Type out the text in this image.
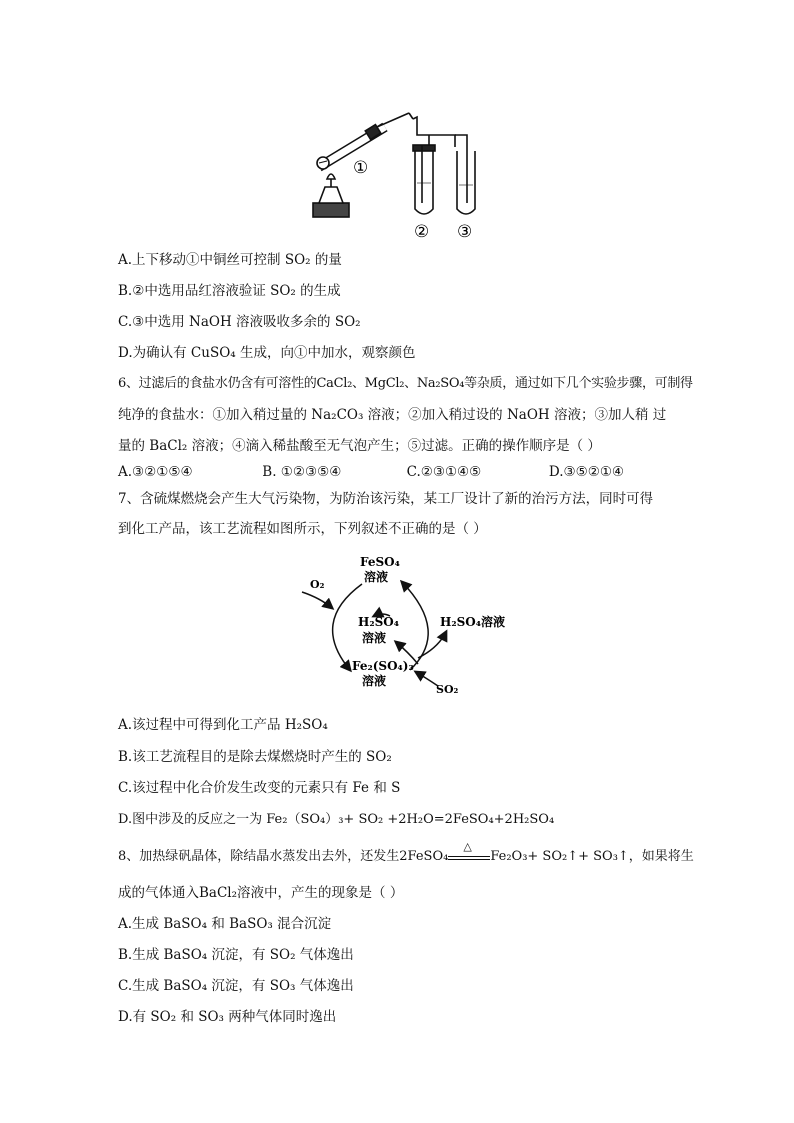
①
② ③
A.上下移动①中铜丝可控制 SO₂ 的量
B.②中选用品红溶液验证 SO₂ 的生成
C.③中选用 NaOH 溶液吸收多余的 SO₂
D.为确认有 CuSO₄ 生成，向①中加水，观察颜色
6、过滤后的食盐水仍含有可溶性的CaCl₂、MgCl₂、Na₂SO₄等杂质，通过如下几个实验步骤，可制得
纯净的食盐水：①加入稍过量的 Na₂CO₃ 溶液；②加入稍过设的 NaOH 溶液；③加人稍 过
量的 BaCl₂ 溶液；④滴入稀盐酸至无气泡产生；⑤过滤。正确的操作顺序是（ ）
A.③②①⑤④	B. ①②③⑤④	C.②③①④⑤	D.③⑤②①④
7、含硫煤燃烧会产生大气污染物，为防治该污染，某工厂设计了新的治污方法，同时可得
到化工产品，该工艺流程如图所示，下列叙述不正确的是（ ）
FeSO₄
溶液
O₂
H₂SO₄
溶液
H₂SO₄溶液
Fe₂(SO₄)₃
溶液
SO₂
A.该过程中可得到化工产品 H₂SO₄
B.该工艺流程目的是除去煤燃烧时产生的 SO₂
C.该过程中化合价发生改变的元素只有 Fe 和 S
D.图中涉及的反应之一为 Fe₂（SO₄）₃+ SO₂ +2H₂O=2FeSO₄+2H₂SO₄
8、加热绿矾晶体，除结晶水蒸发出去外，还发生2FeSO₄
△
Fe₂O₃+ SO₂↑+ SO₃↑，如果将生
成的气体通入BaCl₂溶液中，产生的现象是（ ）
A.生成 BaSO₄ 和 BaSO₃ 混合沉淀
B.生成 BaSO₄ 沉淀，有 SO₂ 气体逸出
C.生成 BaSO₄ 沉淀，有 SO₃ 气体逸出
D.有 SO₂ 和 SO₃ 两种气体同时逸出
